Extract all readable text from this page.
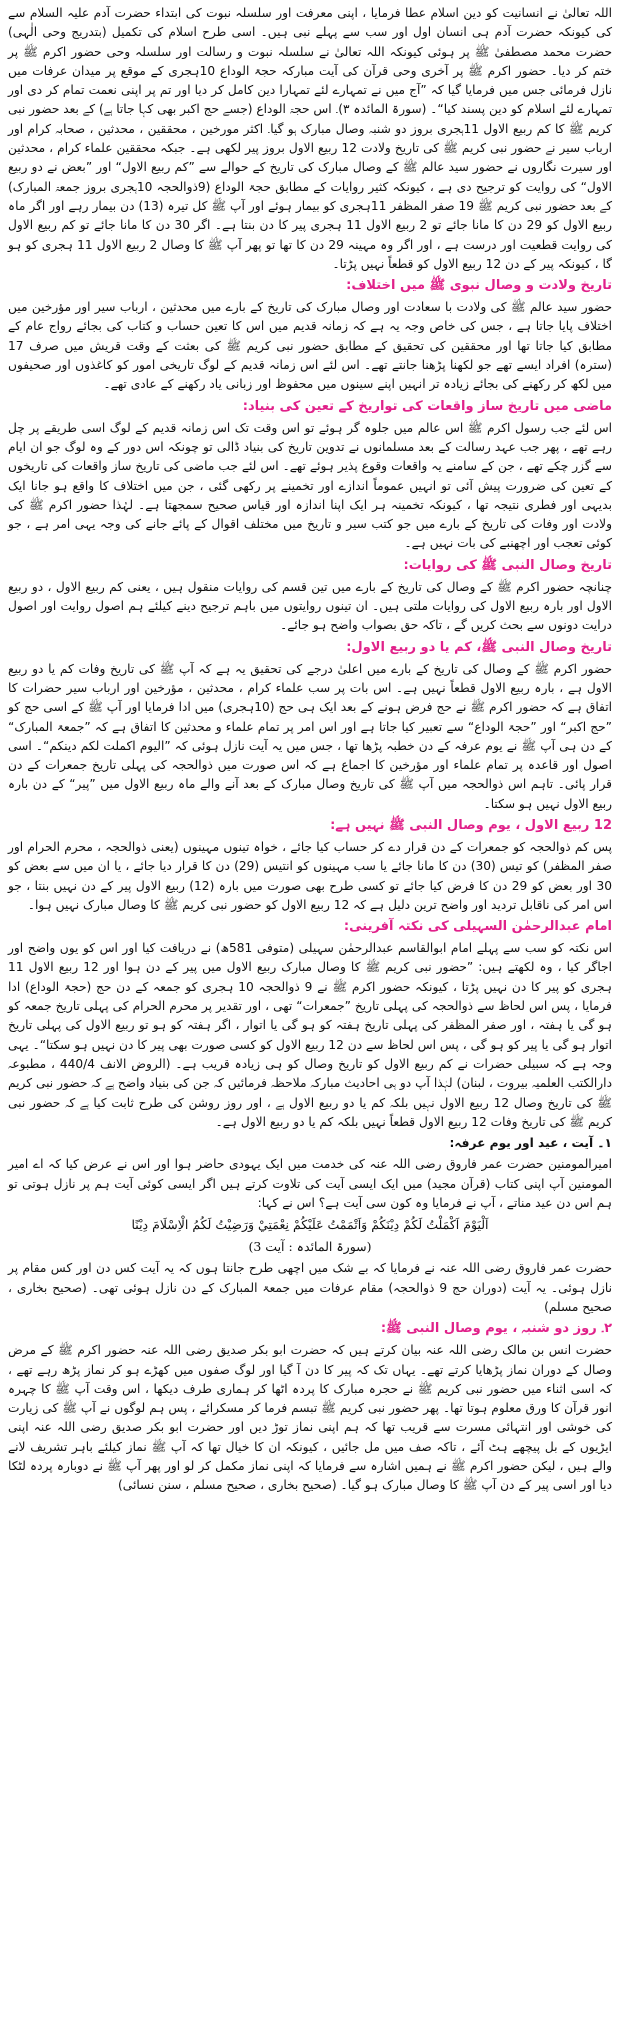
اللہ تعالیٰ نے انسانیت کو دین اسلام عطا فرمایا ، اپنی معرفت اور سلسلہ نبوت کی ابتداء حضرت آدم علیہ السلام سے کی کیونکہ حضرت آدم ہی انسان اول اور سب سے پہلے نبی ہیں۔ اسی طرح اسلام کی تکمیل (بتدریج وحی الٰہی) حضرت محمد مصطفیٰ ﷺ پر ہوئی کیونکہ اللہ تعالیٰ نے سلسلہ نبوت و رسالت اور سلسلہ وحی حضور اکرم ﷺ پر ختم کر دیا۔ حضور اکرم ﷺ پر آخری وحی قرآن کی آیت مبارکہ حجۃ الوداع 10ہجری کے موقع پر میدان عرفات میں نازل فرمائی جس میں فرمایا گیا کہ ”آج میں نے تمہارے لئے تمہارا دین کامل کر دیا اور تم پر اپنی نعمت تمام کر دی اور تمہارے لئے اسلام کو دین پسند کیا“۔ (سورۃ المائدہ ۳)۔ اس حجۃ الوداع (جسے حج اکبر بھی کہا جاتا ہے) کے بعد حضور نبی کریم ﷺ کا کم ربیع الاول 11ہجری بروز دو شنبہ وصال مبارک ہو گیا۔ اکثر مورخین ، محققین ، محدثین ، صحابہ کرام اور ارباب سیر نے حضور نبی کریم ﷺ کی تاریخ ولادت 12 ربیع الاول بروز پیر لکھی ہے۔ جبکہ محققین علماء کرام ، محدثین اور سیرت نگاروں نے حضور سید عالم ﷺ کے وصال مبارک کی تاریخ کے حوالے سے ”کم ربیع الاول“ اور ”بعض نے دو ربیع الاول“ کی روایت کو ترجیح دی ہے ، کیونکہ کثیر روایات کے مطابق حجۃ الوداع (9ذوالحجہ 10ہجری بروز جمعۃ المبارک) کے بعد حضور نبی کریم ﷺ 19 صفر المظفر 11ہجری کو بیمار ہوئے اور آپ ﷺ کل تیرہ (13) دن بیمار رہے اور اگر ماہ ربیع الاول کو 29 دن کا مانا جائے تو 2 ربیع الاول 11 ہجری پیر کا دن بنتا ہے۔ اگر 30 دن کا مانا جائے تو کم ربیع الاول کی روایت قطعیت اور درست ہے ، اور اگر وہ مہینہ 29 دن کا تھا تو پھر آپ ﷺ کا وصال 2 ربیع الاول 11 ہجری کو ہو گا ، کیونکہ پیر کے دن 12 ربیع الاول کو قطعاً نہیں پڑتا۔

تاریخ ولادت و وصال نبوی ﷺ میں اختلاف:

حضور سید عالم ﷺ کی ولادت با سعادت اور وصال مبارک کی تاریخ کے بارے میں محدثین ، ارباب سیر اور مؤرخین میں اختلاف پایا جاتا ہے ، جس کی خاص وجہ یہ ہے کہ زمانہ قدیم میں اس کا تعین حساب و کتاب کی بجائے رواج عام کے مطابق کیا جاتا تھا اور محققین کی تحقیق کے مطابق حضور نبی کریم ﷺ کی بعثت کے وقت قریش میں صرف 17 (سترہ) افراد ایسے تھے جو لکھنا پڑھنا جانتے تھے۔ اس لئے اس زمانہ قدیم کے لوگ تاریخی امور کو کاغذوں اور صحیفوں میں لکھ کر رکھنے کی بجائے زیادہ تر انہیں اپنے سینوں میں محفوظ اور زبانی یاد رکھنے کے عادی تھے۔

ماضی میں تاریخ ساز واقعات کی تواریخ کے تعین کی بنیاد:

اس لئے جب رسول اکرم ﷺ اس عالم میں جلوہ گر ہوئے تو اس وقت تک اس زمانہ قدیم کے لوگ اسی طریقے پر چل رہے تھے ، پھر جب عہد رسالت کے بعد مسلمانوں نے تدوین تاریخ کی بنیاد ڈالی تو چونکہ اس دور کے وہ لوگ جو ان ایام سے گزر چکے تھے ، جن کے سامنے یہ واقعات وقوع پذیر ہوئے تھے۔ اس لئے جب ماضی کی تاریخ ساز واقعات کی تاریخوں کے تعین کی ضرورت پیش آئی تو انہیں عموماً اندازے اور تخمینے پر رکھی گئی ، جن میں اختلاف کا واقع ہو جانا ایک بدیہی اور فطری نتیجہ تھا ، کیونکہ تخمینہ ہر ایک اپنا اندازہ اور قیاس صحیح سمجھتا ہے۔ لہٰذا حضور اکرم ﷺ کی ولادت اور وفات کی تاریخ کے بارے میں جو کتب سیر و تاریخ میں مختلف اقوال کے پائے جانے کی وجہ یہی امر ہے ، جو کوئی تعجب اور اچھنبے کی بات نہیں ہے۔

تاریخ وصال النبی ﷺ کی روایات:

چنانچہ حضور اکرم ﷺ کے وصال کی تاریخ کے بارے میں تین قسم کی روایات منقول ہیں ، یعنی کم ربیع الاول ، دو ربیع الاول اور بارہ ربیع الاول کی روایات ملتی ہیں۔ ان تینوں روایتوں میں باہم ترجیح دینے کیلئے ہم اصول روایت اور اصول درایت دونوں سے بحث کریں گے ، تاکہ حق بصواب واضح ہو جائے۔

تاریخ وصال النبی ﷺ، کم یا دو ربیع الاول:

حضور اکرم ﷺ کے وصال کی تاریخ کے بارے میں اعلیٰ درجے کی تحقیق یہ ہے کہ آپ ﷺ کی تاریخ وفات کم یا دو ربیع الاول ہے ، بارہ ربیع الاول قطعاً نہیں ہے۔ اس بات پر سب علماء کرام ، محدثین ، مؤرخین اور ارباب سیر حضرات کا اتفاق ہے کہ حضور اکرم ﷺ نے حج فرض ہونے کے بعد ایک ہی حج (10ہجری) میں ادا فرمایا اور آپ ﷺ کے اسی حج کو ”حج اکبر“ اور ”حجۃ الوداع“ سے تعبیر کیا جاتا ہے اور اس امر پر تمام علماء و محدثین کا اتفاق ہے کہ ”جمعۃ المبارک“ کے دن ہی آپ ﷺ نے یوم عرفہ کے دن خطبہ پڑھا تھا ، جس میں یہ آیت نازل ہوئی کہ ”الیوم اکملت لکم دینکم“۔ اسی اصول اور قاعدہ پر تمام علماء اور مؤرخین کا اجماع ہے کہ اس صورت میں ذوالحجہ کی پہلی تاریخ جمعرات کے دن قرار پائی۔ تاہم اس ذوالحجہ میں آپ ﷺ کی تاریخ وصال مبارک کے بعد آنے والے ماہ ربیع الاول میں ”پیر“ کے دن بارہ ربیع الاول نہیں ہو سکتا۔

12 ربیع الاول ، یوم وصال النبی ﷺ نہیں ہے:

پس کم ذوالحجہ کو جمعرات کے دن قرار دے کر حساب کیا جائے ، خواہ تینوں مہینوں (یعنی ذوالحجہ ، محرم الحرام اور صفر المظفر) کو تیس (30) دن کا مانا جائے یا سب مہینوں کو انتیس (29) دن کا قرار دیا جائے ، یا ان میں سے بعض کو 30 اور بعض کو 29 دن کا فرض کیا جائے تو کسی طرح بھی صورت میں بارہ (12) ربیع الاول پیر کے دن نہیں بنتا ، جو اس امر کی ناقابل تردید اور واضح ترین دلیل ہے کہ 12 ربیع الاول کو حضور نبی کریم ﷺ کا وصال مبارک نہیں ہوا۔

امام عبدالرحمٰن السہیلی کی نکتہ آفرینی:

اس نکتہ کو سب سے پہلے امام ابوالقاسم عبدالرحمٰن سہیلی (متوفی 581ھ) نے دریافت کیا اور اس کو یوں واضح اور اجاگر کیا ، وہ لکھتے ہیں: ”حضور نبی کریم ﷺ کا وصال مبارک ربیع الاول میں پیر کے دن ہوا اور 12 ربیع الاول 11 ہجری کو پیر کا دن نہیں پڑتا ، کیونکہ حضور اکرم ﷺ نے 9 ذوالحجہ 10 ہجری کو جمعہ کے دن حج (حجۃ الوداع) ادا فرمایا ، پس اس لحاظ سے ذوالحجہ کی پہلی تاریخ ”جمعرات“ تھی ، اور تقدیر پر محرم الحرام کی پہلی تاریخ جمعہ کو ہو گی یا ہفتہ ، اور صفر المظفر کی پہلی تاریخ ہفتہ کو ہو گی یا اتوار ، اگر ہفتہ کو ہو تو ربیع الاول کی پہلی تاریخ اتوار ہو گی یا پیر کو ہو گی ، پس اس لحاظ سے دن 12 ربیع الاول کو کسی صورت بھی پیر کا دن نہیں ہو سکتا“۔ یہی وجہ ہے کہ سبیلی حضرات نے کم ربیع الاول کو تاریخ وصال کو ہی زیادہ قریب ہے۔ (الروض الانف 440/4 ، مطبوعہ دارالکتب العلمیہ بیروت ، لبنان) لہٰذا آپ دو ہی احادیث مبارکہ ملاحظہ فرمائیں کہ جن کی بنیاد واضح ہے کہ حضور نبی کریم ﷺ کی تاریخ وصال 12 ربیع الاول نہیں بلکہ کم یا دو ربیع الاول ہے ، اور روز روشن کی طرح ثابت کیا ہے کہ حضور نبی کریم ﷺ کی تاریخ وفات 12 ربیع الاول قطعاً نہیں بلکہ کم یا دو ربیع الاول ہے۔

۱۔ آیت ، عید اور یوم عرفہ:

امیرالمومنین حضرت عمر فاروق رضی اللہ عنہ کی خدمت میں ایک یہودی حاضر ہوا اور اس نے عرض کیا کہ اے امیر المومنین آپ اپنی کتاب (قرآن مجید) میں ایک ایسی آیت کی تلاوت کرتے ہیں اگر ایسی کوئی آیت ہم پر نازل ہوتی تو ہم اس دن عید مناتے ، آپ نے فرمایا وہ کون سی آیت ہے؟ اس نے کہا:

اَلْيَوْمَ اَكْمَلْتُ لَكُمْ دِيْنَكُمْ وَاَتْمَمْتُ عَلَيْكُمْ نِعْمَتِيْ وَرَضِيْتُ لَكُمُ الْاِسْلَامَ دِيْنًا
(سورۃ المائدہ : آیت 3)

حضرت عمر فاروق رضی اللہ عنہ نے فرمایا کہ بے شک میں اچھی طرح جانتا ہوں کہ یہ آیت کس دن اور کس مقام پر نازل ہوئی۔ یہ آیت (دوران حج 9 ذوالحجہ) مقام عرفات میں جمعۃ المبارک کے دن نازل ہوئی تھی۔ (صحیح بخاری ، صحیح مسلم)

۲۔ روز دو شنبہ ، یوم وصال النبی ﷺ:

حضرت انس بن مالک رضی اللہ عنہ بیان کرتے ہیں کہ حضرت ابو بکر صدیق رضی اللہ عنہ حضور اکرم ﷺ کے مرض وصال کے دوران نماز پڑھایا کرتے تھے۔ یہاں تک کہ پیر کا دن آ گیا اور لوگ صفوں میں کھڑے ہو کر نماز پڑھ رہے تھے ، کہ اسی اثناء میں حضور نبی کریم ﷺ نے حجرہ مبارک کا پردہ اٹھا کر ہماری طرف دیکھا ، اس وقت آپ ﷺ کا چہرہ انور قرآن کا ورق معلوم ہوتا تھا۔ پھر حضور نبی کریم ﷺ تبسم فرما کر مسکرائے ، پس ہم لوگوں نے آپ ﷺ کی زیارت کی خوشی اور انتہائی مسرت سے قریب تھا کہ ہم اپنی نماز توڑ دیں اور حضرت ابو بکر صدیق رضی اللہ عنہ اپنی ایڑیوں کے بل پیچھے ہٹ آئے ، تاکہ صف میں مل جائیں ، کیونکہ ان کا خیال تھا کہ آپ ﷺ نماز کیلئے باہر تشریف لانے والے ہیں ، لیکن حضور اکرم ﷺ نے ہمیں اشارہ سے فرمایا کہ اپنی نماز مکمل کر لو اور پھر آپ ﷺ نے دوبارہ پردہ لٹکا دیا اور اسی پیر کے دن آپ ﷺ کا وصال مبارک ہو گیا۔ (صحیح بخاری ، صحیح مسلم ، سنن نسائی)
